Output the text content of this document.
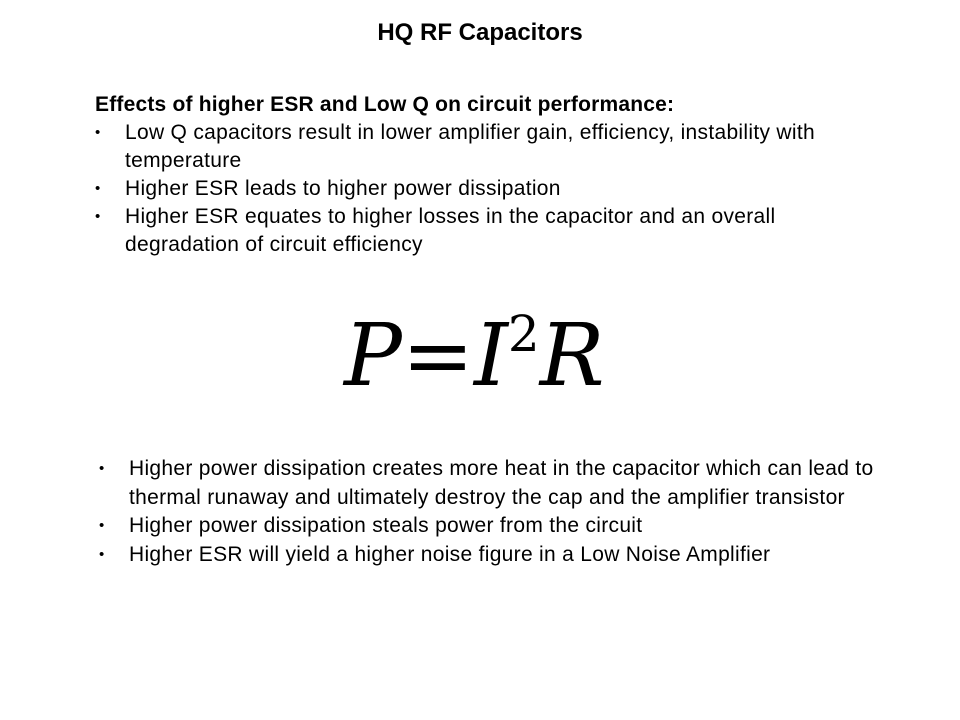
HQ RF Capacitors
Effects of higher ESR and Low Q on circuit performance:
•	Low Q capacitors result in lower amplifier gain, efficiency, instability with temperature
•	Higher ESR leads to higher power dissipation
•	Higher ESR equates to higher losses in the capacitor and an overall degradation of circuit efficiency
$P=I^2R$
•	Higher power dissipation creates more heat in the capacitor which can lead to thermal runaway and ultimately destroy the cap and the amplifier transistor
•	Higher power dissipation steals power from the circuit
•	Higher ESR will yield a higher noise figure in a Low Noise Amplifier
